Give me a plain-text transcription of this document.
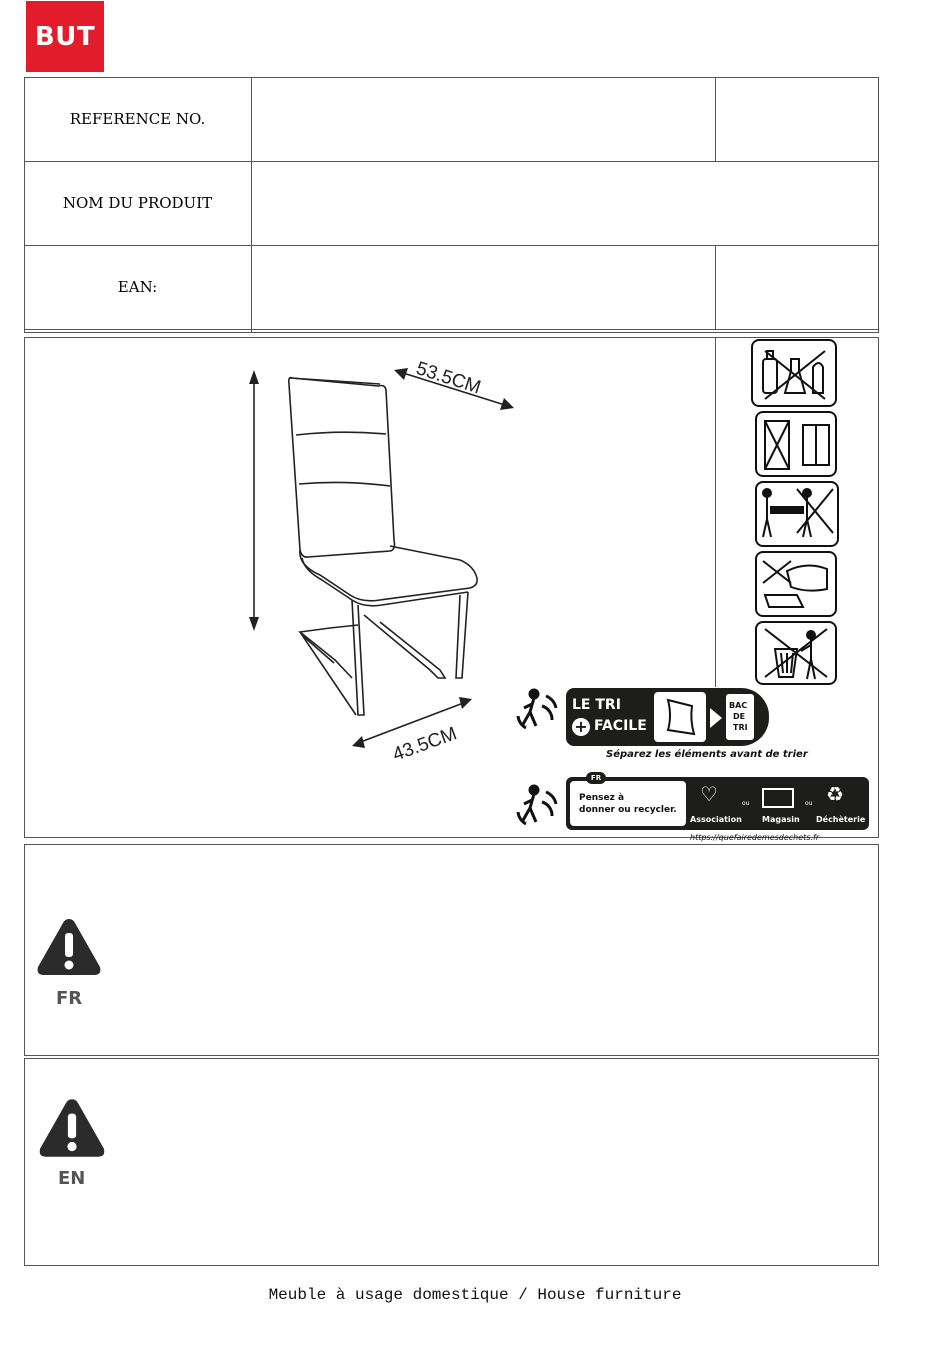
BUT
REFERENCE NO.
NOM DU PRODUIT
EAN:
53.5CM
43.5CM
LE TRI
+ FACILE
BAC
DE
TRI
Séparez les éléments avant de trier
FR
Pensez à
donner ou recycler.
♡	ou	ou ♻
Association	Magasin Déchèterie
https://quefairedemesdechets.fr
FR
EN
Meuble à usage domestique / House furniture
